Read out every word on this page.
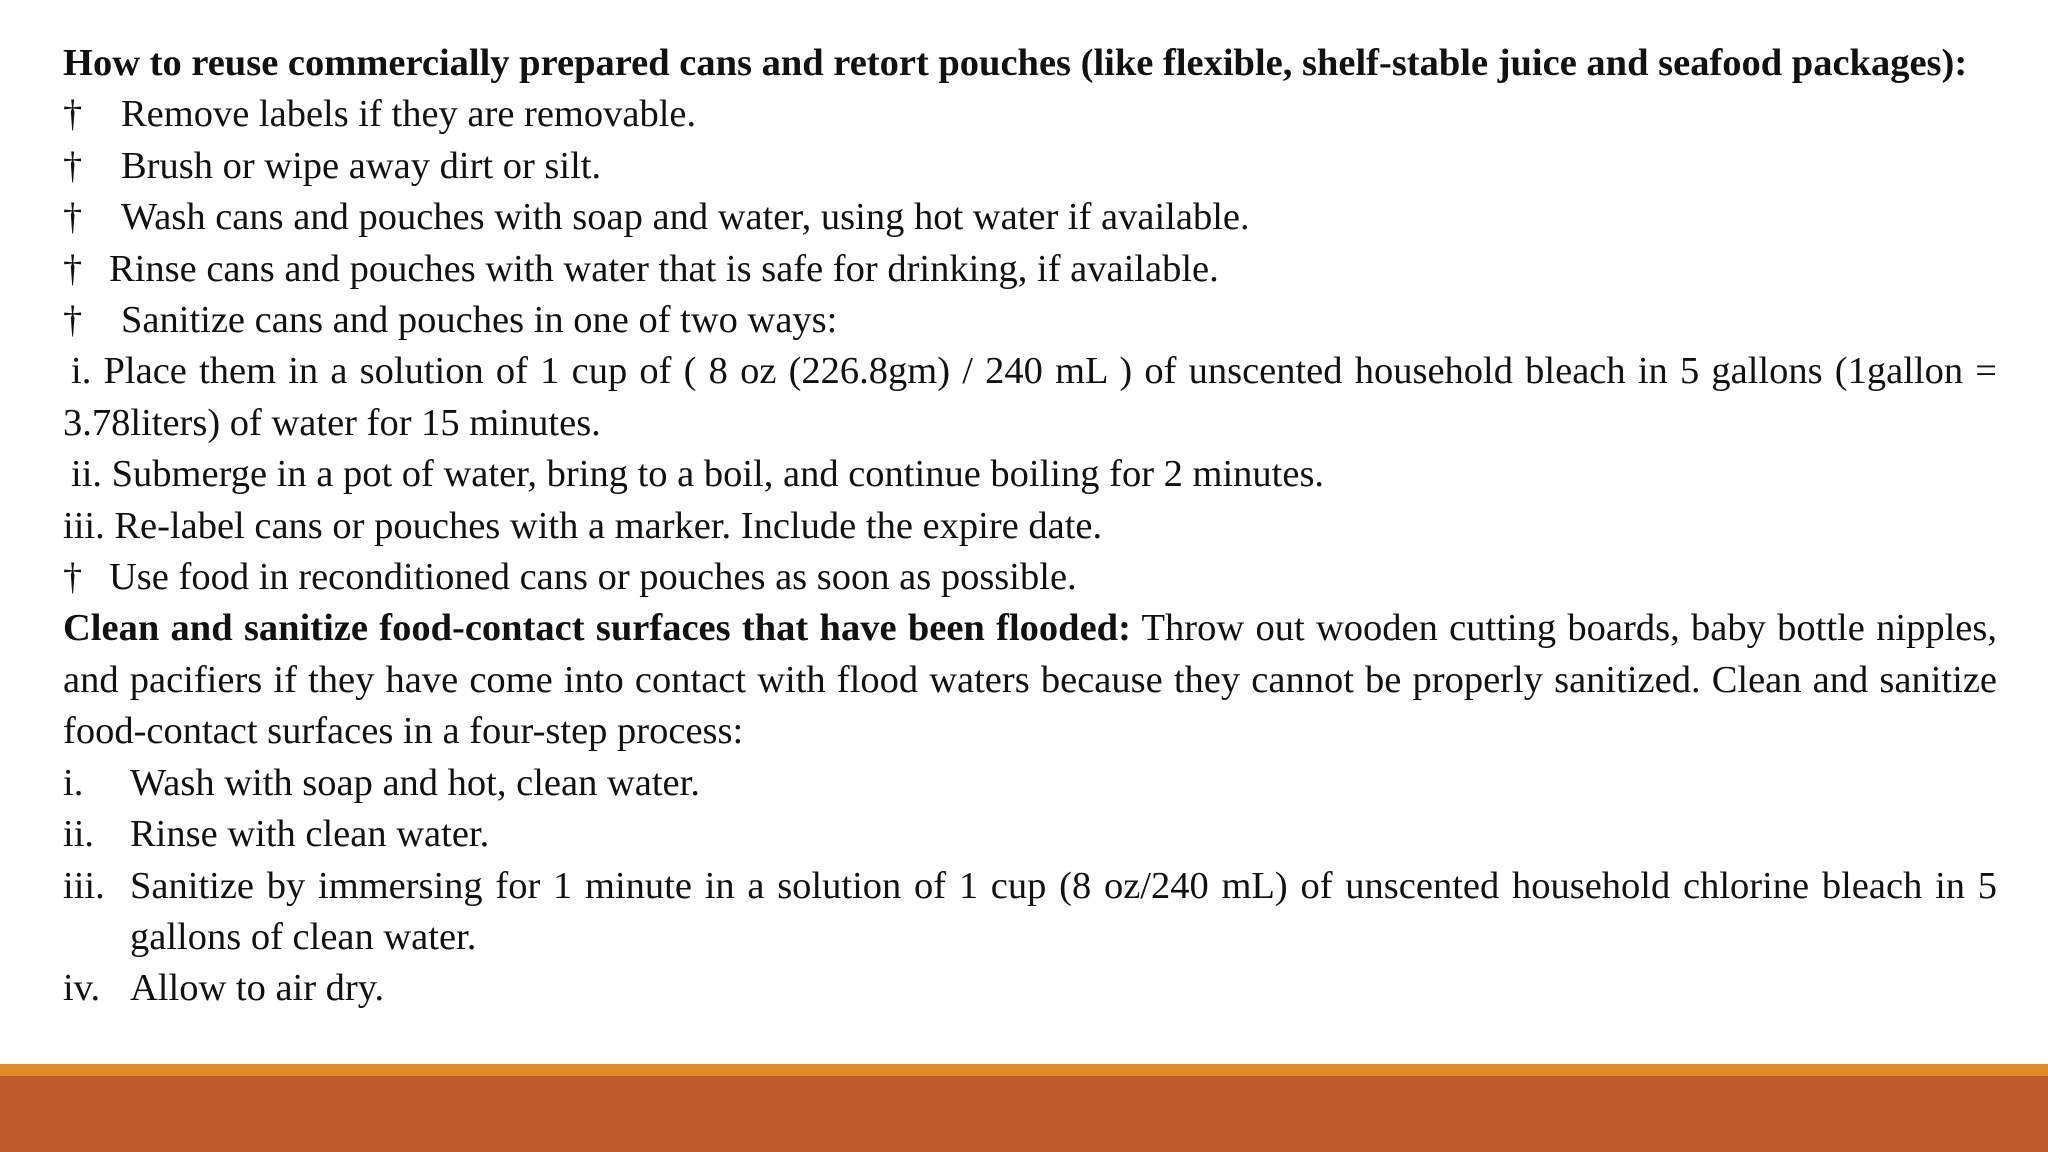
How to reuse commercially prepared cans and retort pouches (like flexible, shelf-stable juice and seafood packages):
† Remove labels if they are removable.
† Brush or wipe away dirt or silt.
† Wash cans and pouches with soap and water, using hot water if available.
† Rinse cans and pouches with water that is safe for drinking, if available.
† Sanitize cans and pouches in one of two ways:
i. Place them in a solution of 1 cup of ( 8 oz (226.8gm) / 240 mL ) of unscented household bleach in 5 gallons (1gallon = 3.78liters) of water for 15 minutes.
ii. Submerge in a pot of water, bring to a boil, and continue boiling for 2 minutes.
iii. Re-label cans or pouches with a marker. Include the expire date.
† Use food in reconditioned cans or pouches as soon as possible.
Clean and sanitize food-contact surfaces that have been flooded: Throw out wooden cutting boards, baby bottle nipples, and pacifiers if they have come into contact with flood waters because they cannot be properly sanitized. Clean and sanitize food-contact surfaces in a four-step process:
i.	Wash with soap and hot, clean water.
ii. Rinse with clean water.
iii. Sanitize by immersing for 1 minute in a solution of 1 cup (8 oz/240 mL) of unscented household chlorine bleach in 5 gallons of clean water.
iv. Allow to air dry.
